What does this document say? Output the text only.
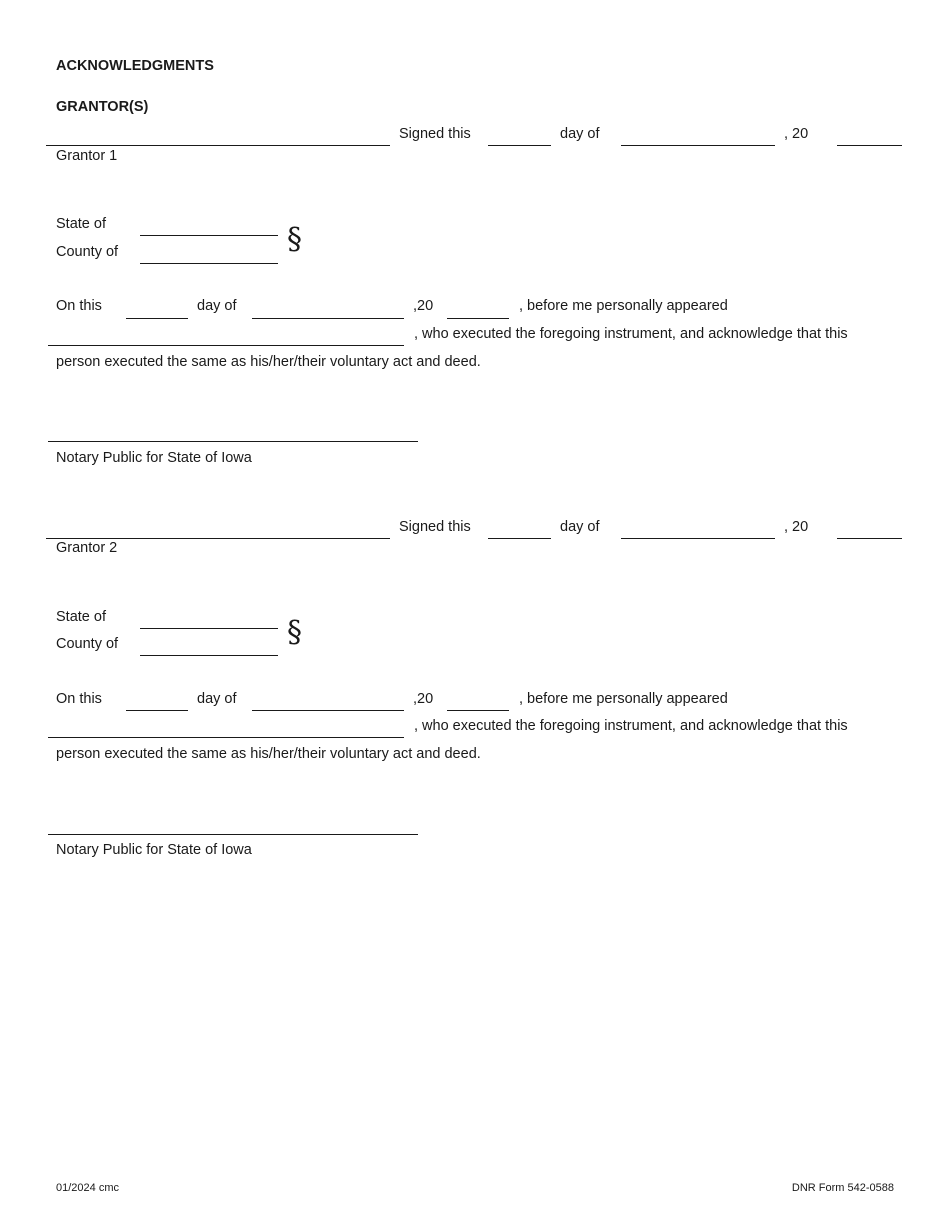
ACKNOWLEDGMENTS
GRANTOR(S)
Signed this	day of	, 20
Grantor 1
State of
County of	§
On this	day of	,20	, before me personally appeared
, who executed the foregoing instrument, and acknowledge that this
person executed the same as his/her/their voluntary act and deed.
Notary Public for State of Iowa
Signed this	day of	, 20
Grantor 2
State of
County of	§
On this	day of	,20	, before me personally appeared
, who executed the foregoing instrument, and acknowledge that this
person executed the same as his/her/their voluntary act and deed.
Notary Public for State of Iowa
01/2024 cmc	DNR Form 542-0588
